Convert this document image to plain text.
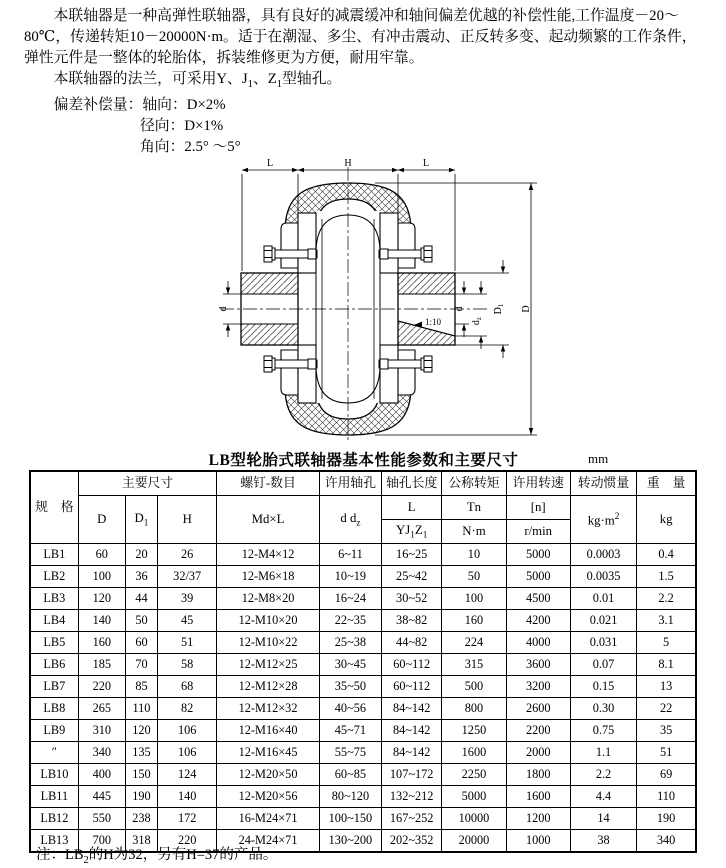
本联轴器是一种高弹性联轴器，具有良好的减震缓冲和轴间偏差优越的补偿性能,工作温度－20～80℃，传递转矩10－20000N·m。适于在潮湿、多尘、有冲击震动、正反转多变、起动频繁的工作条件，弹性元件是一整体的轮胎体，拆装维修更为方便，耐用牢靠。

本联轴器的法兰，可采用Y、$J_1$、$Z_1$型轴孔。

偏差补偿量：轴向：D×2%

径向：D×1%

角向：2.5° ～5°

L	H	L
d	d
$d_z$
$D_1$ D
1:10
LB型轮胎式联轴器基本性能参数和主要尺寸	mm
规　格	主要尺寸			螺钉-数目	许用轴孔	轴孔长度	公称转矩	许用转速	转动惯量	重　量
	D	$D_1$	H	Md×L	d $d_z$	L	Tn	[n]	$kg\cdot m^2$	kg
						$YJ_1Z_1$	N·m	r/min		
LB1	60	20	26	12-M4×12	6~11	16~25	10	5000	0.0003	0.4
LB2	100	36	32/37	12-M6×18	10~19	25~42	50	5000	0.0035	1.5
LB3	120	44	39	12-M8×20	16~24	30~52	100	4500	0.01	2.2
LB4	140	50	45	12-M10×20	22~35	38~82	160	4200	0.021	3.1
LB5	160	60	51	12-M10×22	25~38	44~82	224	4000	0.031	5
LB6	185	70	58	12-M12×25	30~45	60~112	315	3600	0.07	8.1
LB7	220	85	68	12-M12×28	35~50	60~112	500	3200	0.15	13
LB8	265	110	82	12-M12×32	40~56	84~142	800	2600	0.30	22
LB9	310	120	106	12-M16×40	45~71	84~142	1250	2200	0.75	35
″	340	135	106	12-M16×45	55~75	84~142	1600	2000	1.1	51
LB10	400	150	124	12-M20×50	60~85	107~172	2250	1800	2.2	69
LB11	445	190	140	12-M20×56	80~120	132~212	5000	1600	4.4	110
LB12	550	238	172	16-M24×71	100~150	167~252	10000	1200	14	190
LB13	700	318	220	24-M24×71	130~200	202~352	20000	1000	38	340
注：$LB_2$的H为32，另有H=37的产品。
